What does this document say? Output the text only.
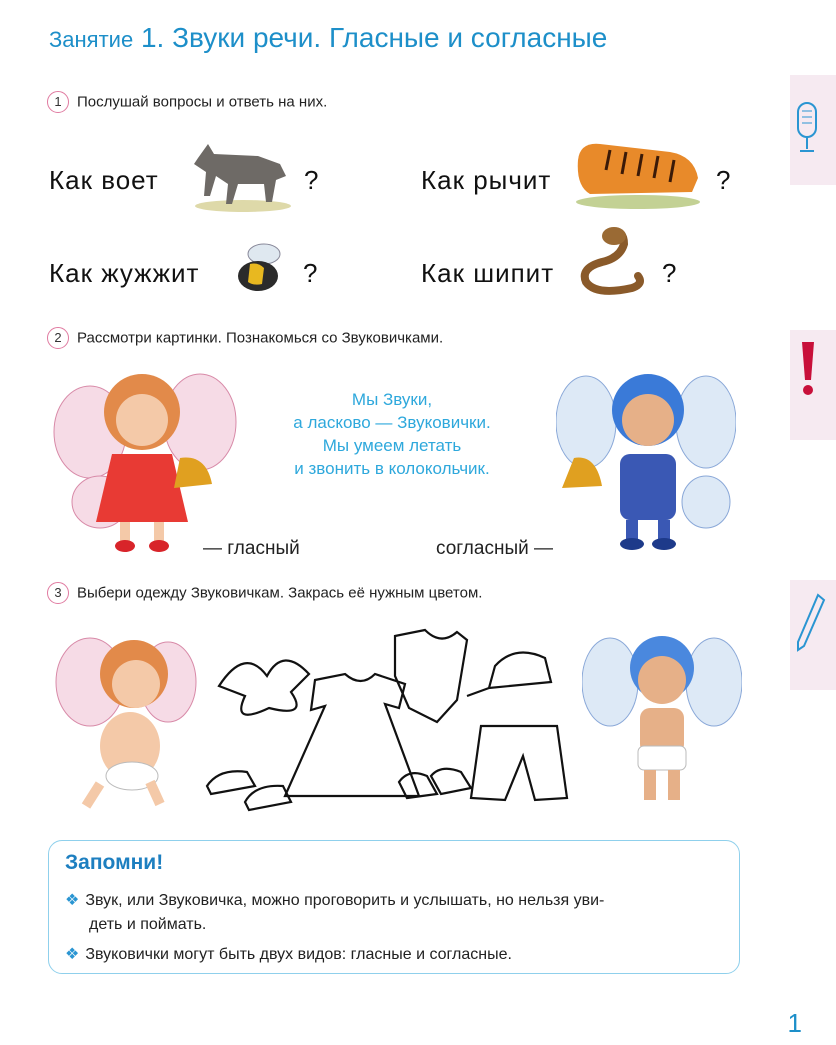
Занятие 1. Звуки речи. Гласные и согласные
1 Послушай вопросы и ответь на них.
Как воет	?	Как рычит	?
Как жужжит	?	Как шипит	?
2 Рассмотри картинки. Познакомься со Звуковичками.
Мы Звуки,
а ласково — Звуковички.
Мы умеем летать
и звонить в колокольчик.
— гласный	согласный —
3 Выбери одежду Звуковичкам. Закрась её нужным цветом.
Запомни!
❖ Звук, или Звуковичка, можно проговорить и услышать, но нельзя уви-
деть и поймать.
❖ Звуковички могут быть двух видов: гласные и согласные.
1
